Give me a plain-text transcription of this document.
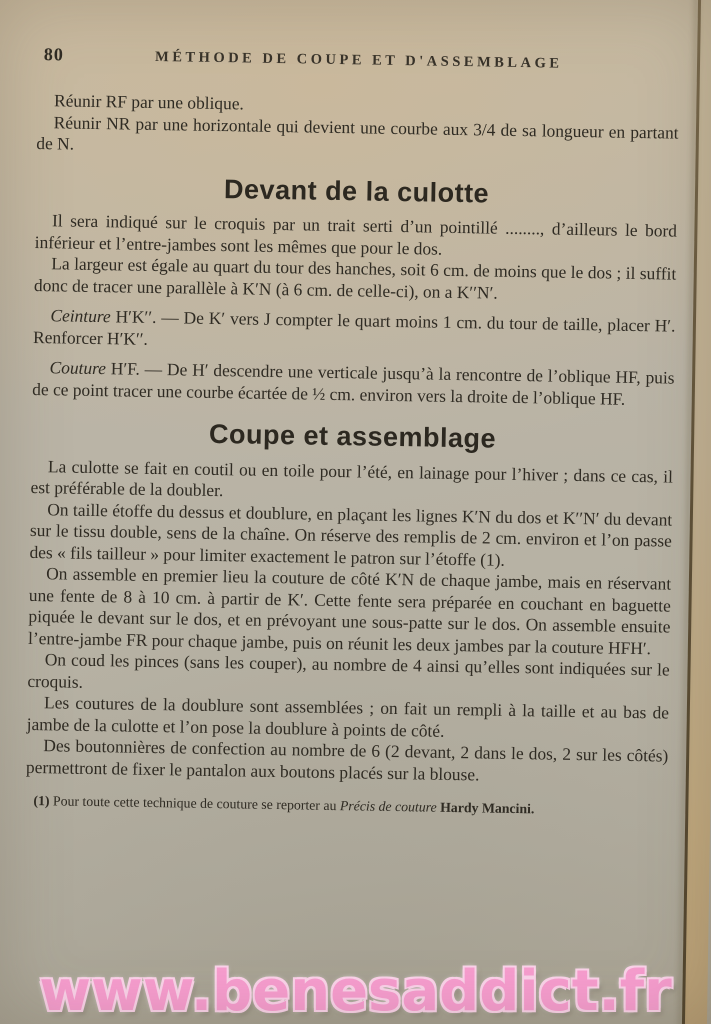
80	MÉTHODE DE COUPE ET D'ASSEMBLAGE

Réunir RF par une oblique.

Réunir NR par une horizontale qui devient une courbe aux 3/4 de sa longueur en partant de N.

Devant de la culotte

Il sera indiqué sur le croquis par un trait serti d’un pointillé ........, d’ailleurs le bord inférieur et l’entre-jambes sont les mêmes que pour le dos.

La largeur est égale au quart du tour des hanches, soit 6 cm. de moins que le dos ; il suffit donc de tracer une parallèle à K′N (à 6 cm. de celle-ci), on a K′′N′.

Ceinture H′K′′. — De K′ vers J compter le quart moins 1 cm. du tour de taille, placer H′. Renforcer H′K′′.

Couture H′F. — De H′ descendre une verticale jusqu’à la rencontre de l’oblique HF, puis de ce point tracer une courbe écartée de ½ cm. environ vers la droite de l’oblique HF.

Coupe et assemblage

La culotte se fait en coutil ou en toile pour l’été, en lainage pour l’hiver ; dans ce cas, il est préférable de la doubler.

On taille étoffe du dessus et doublure, en plaçant les lignes K′N du dos et K′′N′ du devant sur le tissu double, sens de la chaîne. On réserve des remplis de 2 cm. environ et l’on passe des « fils tailleur » pour limiter exactement le patron sur l’étoffe (1).

On assemble en premier lieu la couture de côté K′N de chaque jambe, mais en réservant une fente de 8 à 10 cm. à partir de K′. Cette fente sera préparée en couchant en baguette piquée le devant sur le dos, et en prévoyant une sous-patte sur le dos. On assemble ensuite l’entre-jambe FR pour chaque jambe, puis on réunit les deux jambes par la couture HFH′.

On coud les pinces (sans les couper), au nombre de 4 ainsi qu’elles sont indiquées sur le croquis.

Les coutures de la doublure sont assemblées ; on fait un rempli à la taille et au bas de jambe de la culotte et l’on pose la doublure à points de côté.

Des boutonnières de confection au nombre de 6 (2 devant, 2 dans le dos, 2 sur les côtés) permettront de fixer le pantalon aux boutons placés sur la blouse.

(1) Pour toute cette technique de couture se reporter au Précis de couture Hardy Mancini.
www.benesaddict.fr
